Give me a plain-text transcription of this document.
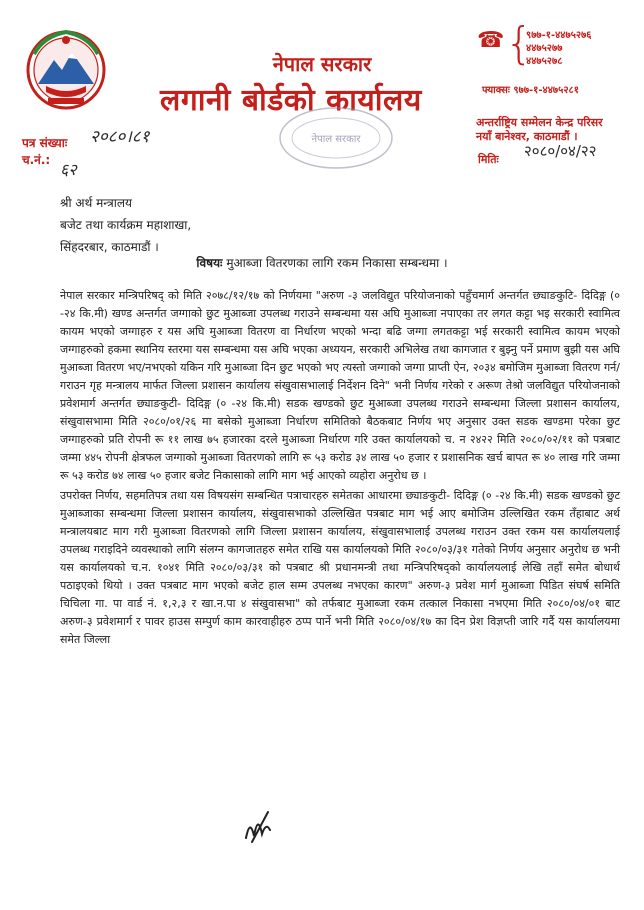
नेपाल सरकार
लगानी बोर्डको कार्यालय
☎ {
९७७-१-४४७५२७६
४४७५२७७
४४७५२७८
फ्याक्सः ९७७-१-४४७५२८१
अन्तर्राष्ट्रिय सम्मेलन केन्द्र परिसर
नयाँ बानेश्वर, काठमाडौं ।
मितिः २०८०/०४/२२
नेपाल सरकार
पत्र संख्याः २०८०।८१
च.नं.: ६२
श्री अर्थ मन्त्रालय
बजेट तथा कार्यक्रम महाशाखा,
सिंहदरबार, काठमाडौं ।
विषयः मुआब्जा वितरणका लागि रकम निकासा सम्बन्धमा ।

नेपाल सरकार मन्त्रिपरिषद् को मिति २०७८/१२/१७ को निर्णयमा "अरुण -३ जलविद्युत परियोजनाको पहुँचमार्ग अन्तर्गत छ्याङकुटि- दिदिङ्ग (० -२४ कि.मी) खण्ड अन्तर्गत जग्गाको छुट मुआब्जा उपलब्ध गराउने सम्बन्धमा यस अघि मुआब्जा नपाएका तर लगत कट्टा भइ सरकारी स्वामित्व कायम भएको जग्गाहरु र यस अघि मुआब्जा वितरण वा निर्धारण भएको भन्दा बढि जग्गा लगतकट्टा भई सरकारी स्वामित्व कायम भएको जग्गाहरुको हकमा स्थानिय स्तरमा यस सम्बन्धमा यस अघि भएका अध्ययन, सरकारी अभिलेख तथा कागजात र बुझ्नु पर्ने प्रमाण बुझी यस अघि मुआब्जा वितरण भए/नभएको यकिन गरि मुआब्जा दिन छुट भएको भए त्यस्तो जग्गाको जग्गा प्राप्ती ऐन, २०३४ बमोजिम मुआब्जा वितरण गर्न/गराउन गृह मन्त्रालय मार्फत जिल्ला प्रशासन कार्यालय संखुवासभालाई निर्देशन दिने" भनी निर्णय गरेको र अरूण तेश्रो जलविद्युत परियोजनाको प्रवेशमार्ग अन्तर्गत छ्याङकुटी- दिदिङ्ग (० -२४ कि.मी) सडक खण्डको छुट मुआब्जा उपलब्ध गराउने सम्बन्धमा जिल्ला प्रशासन कार्यालय, संखुवासभामा मिति २०८०/०१/२६ मा बसेको मुआब्जा निर्धारण समितिको बैठकबाट निर्णय भए अनुसार उक्त सडक खण्डमा परेका छुट जग्गाहरुको प्रति रोपनी रू ११ लाख ७५ हजारका दरले मुआब्जा निर्धारण गरि उक्त कार्यालयको च. न २४२२ मिति २०८०/०२/११ को पत्रबाट जम्मा ४४५ रोपनी क्षेत्रफल जग्गाको मुआब्जा वितरणको लागि रू ५३ करोड ३४ लाख ५० हजार र प्रशासनिक खर्च बापत रू ४० लाख गरि जम्मा रू ५३ करोड ७४ लाख ५० हजार बजेट निकासाको लागि माग भई आएको व्यहोरा अनुरोध छ ।

उपरोक्त निर्णय, सहमतिपत्र तथा यस विषयसंग सम्बन्धित पत्राचारहरु समेतका आधारमा छ्याङकुटी- दिदिङ्ग (० -२४ कि.मी) सडक खण्डको छुट मुआब्जाका सम्बन्धमा जिल्ला प्रशासन कार्यालय, संखुवासभाको उल्लिखित पत्रबाट माग भई आए बमोजिम उल्लिखित रकम तँहाबाट अर्थ मन्त्रालयबाट माग गरी मुआब्जा वितरणको लागि जिल्ला प्रशासन कार्यालय, संखुवासभालाई उपलब्ध गराउन उक्त रकम यस कार्यालयलाई उपलब्ध गराइदिने व्यवस्थाको लागि संलग्न कागजातहरु समेत राखि यस कार्यालयको मिति २०८०/०३/३१ गतेको निर्णय अनुसार अनुरोध छ भनी यस कार्यालयको च.न. १०४१ मिति २०८०/०३/३१ को पत्रबाट श्री प्रधानमन्त्री तथा मन्त्रिपरिषद्को कार्यालयलाई लेखि तहाँ समेत बोधार्थ पठाइएको थियो । उक्त पत्रबाट माग भएको बजेट हाल सम्म उपलब्ध नभएका कारण" अरुण-३ प्रवेश मार्ग मुआब्जा पिडित संघर्ष समिति चिचिला गा. पा वार्ड नं. १,२,३ र खा.न.पा ४ संखुवासभा" को तर्फबाट मुआब्जा रकम तत्काल निकासा नभएमा मिति २०८०/०४/०१ बाट अरुण-३ प्रवेशमार्ग र पावर हाउस सम्पुर्ण काम कारवाहीहरु ठप्प पार्ने भनी मिति २०८०/०४/१७ का दिन प्रेश विज्ञप्ती जारि गर्दै यस कार्यालयमा समेत जिल्ला
